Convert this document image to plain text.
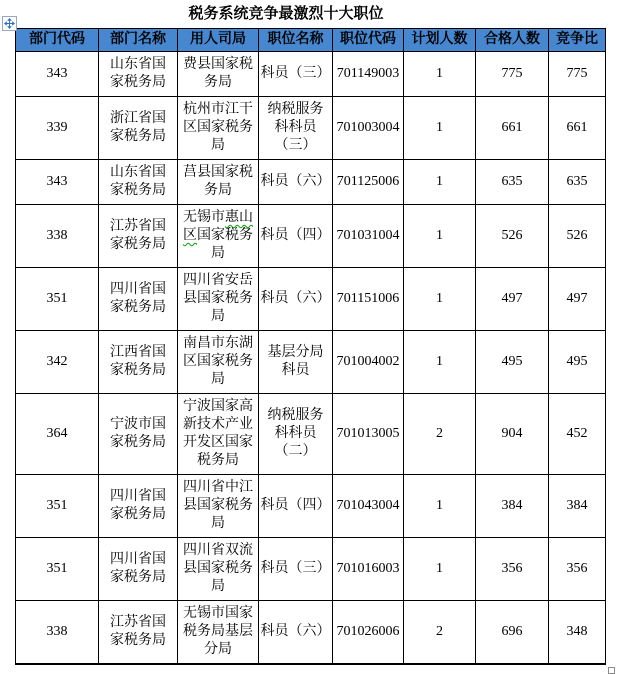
税务系统竞争最激烈十大职位
部门代码	部门名称	用人司局	职位名称	职位代码	计划人数	合格人数	竞争比
343	山东省国
家税务局	费县国家税
务局	科员（三）	701149003	1	775	775
339	浙江省国
家税务局	杭州市江干
区国家税务
局	纳税服务
科科员
（三）	701003004	1	661	661
343	山东省国
家税务局	莒县国家税
务局	科员（六）	701125006	1	635	635
338	江苏省国
家税务局	无锡市惠山
区国家税务
局	科员（四）	701031004	1	526	526
351	四川省国
家税务局	四川省安岳
县国家税务
局	科员（六）	701151006	1	497	497
342	江西省国
家税务局	南昌市东湖
区国家税务
局	基层分局
科员	701004002	1	495	495
364	宁波市国
家税务局	宁波国家高
新技术产业
开发区国家
税务局	纳税服务
科科员
（二）	701013005	2	904	452
351	四川省国
家税务局	四川省中江
县国家税务
局	科员（四）	701043004	1	384	384
351	四川省国
家税务局	四川省双流
县国家税务
局	科员（三）	701016003	1	356	356
338	江苏省国
家税务局	无锡市国家
税务局基层
分局	科员（六）	701026006	2	696	348
